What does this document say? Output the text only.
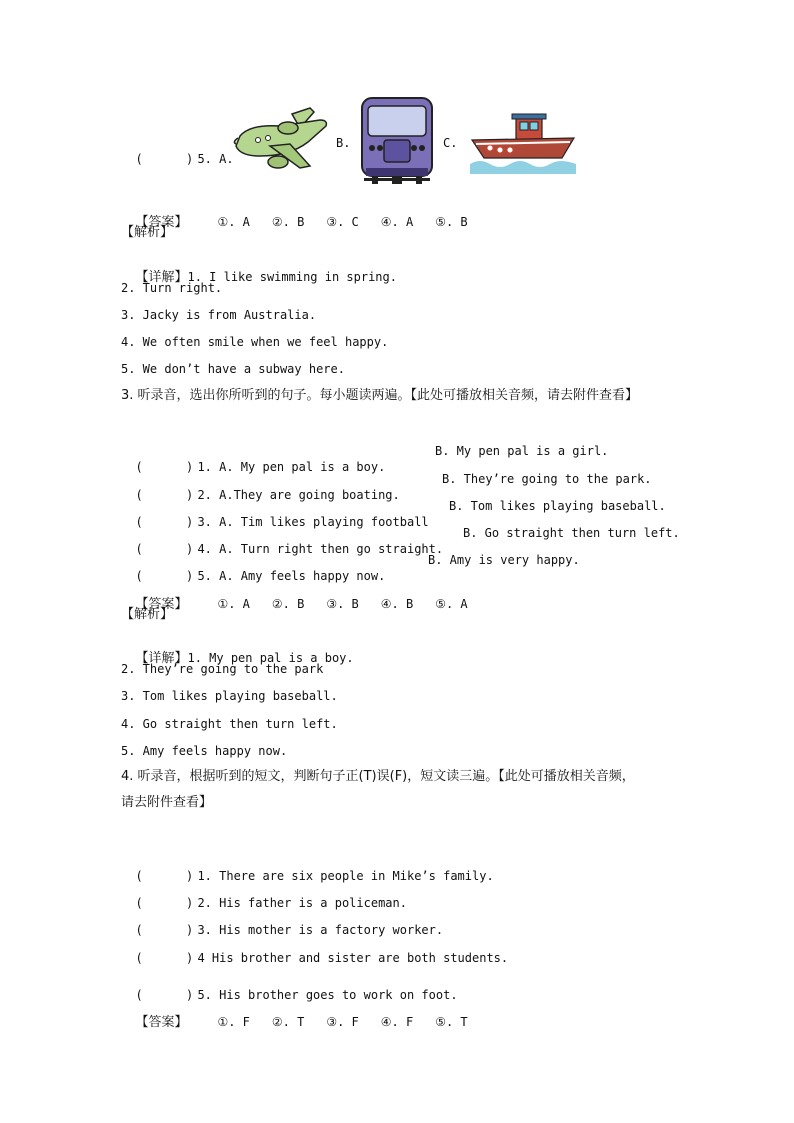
(      ) 5. A.

B.	C.

【答案】 ①. A ②. B ③. C ④. A ⑤. B

【解析】

【详解】1. I like swimming in spring.

2. Turn right.
3. Jacky is from Australia.
4. We often smile when we feel happy.
5. We don’t have a subway here.
3. 听录音，选出你所听到的句子。每小题读两遍。【此处可播放相关音频，请去附件查看】

(      ) 1. A. My pen pal is a boy.

B. My pen pal is a girl.

(      ) 2. A.They are going boating.

B. They’re going to the park.

(      ) 3. A. Tim likes playing football

B. Tom likes playing baseball.

(      ) 4. A. Turn right then go straight.

B. Go straight then turn left.

(      ) 5. A. Amy feels happy now.

B. Amy is very happy.

【答案】 ①. A ②. B ③. B ④. B ⑤. A

【解析】

【详解】1. My pen pal is a boy.

2. They’re going to the park
3. Tom likes playing baseball.
4. Go straight then turn left.
5. Amy feels happy now.
4. 听录音，根据听到的短文，判断句子正(T)误(F)，短文读三遍。【此处可播放相关音频，
请去附件查看】

(      ) 1. There are six people in Mike’s family.

(      ) 2. His father is a policeman.

(      ) 3. His mother is a factory worker.

(      ) 4 His brother and sister are both students.

(      ) 5. His brother goes to work on foot.

【答案】 ①. F ②. T ③. F ④. F ⑤. T
